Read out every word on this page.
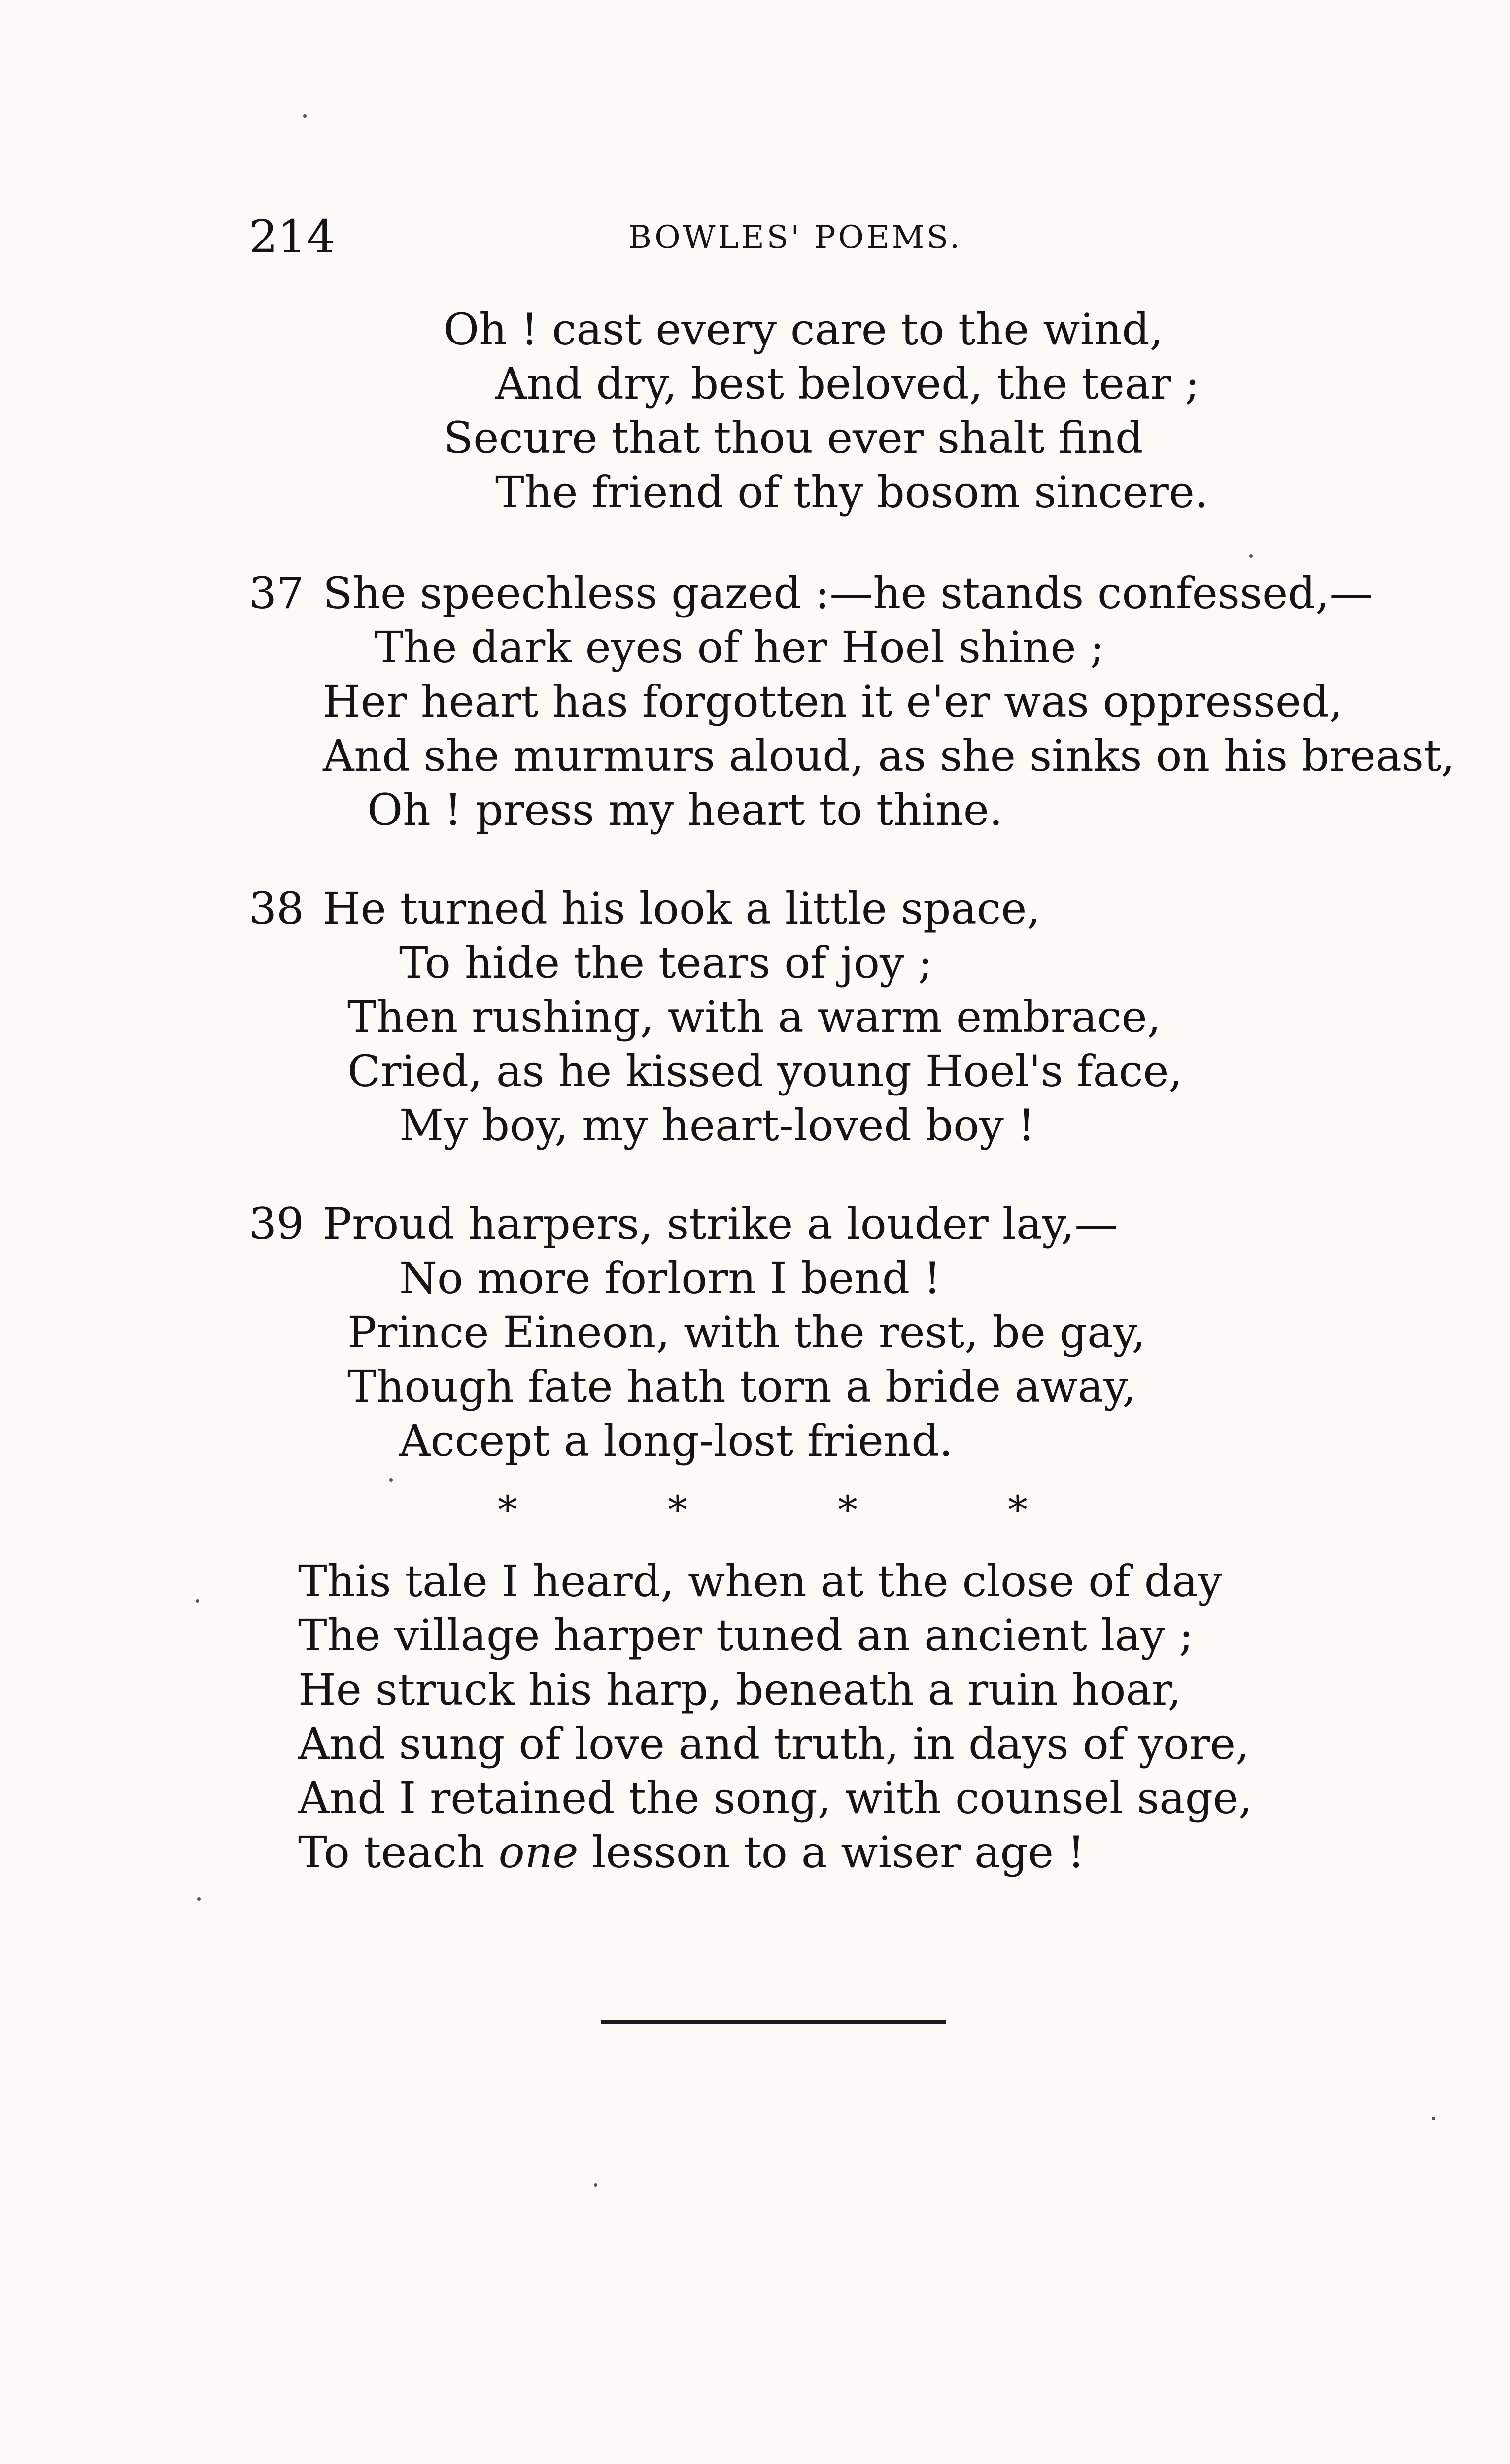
214	BOWLES' POEMS.
Oh ! cast every care to the wind,
And dry, best beloved, the tear ;
Secure that thou ever shalt find
The friend of thy bosom sincere.
37 She speechless gazed :—he stands confessed,—
The dark eyes of her Hoel shine ;
Her heart has forgotten it e'er was oppressed,
And she murmurs aloud, as she sinks on his breast,
Oh ! press my heart to thine.
38 He turned his look a little space,
To hide the tears of joy ;
Then rushing, with a warm embrace,
Cried, as he kissed young Hoel's face,
My boy, my heart-loved boy !
39 Proud harpers, strike a louder lay,—
No more forlorn I bend !
Prince Eineon, with the rest, be gay,
Though fate hath torn a bride away,
Accept a long-lost friend.
*	*	*	*
This tale I heard, when at the close of day
The village harper tuned an ancient lay ;
He struck his harp, beneath a ruin hoar,
And sung of love and truth, in days of yore,
And I retained the song, with counsel sage,
To teach one lesson to a wiser age !
